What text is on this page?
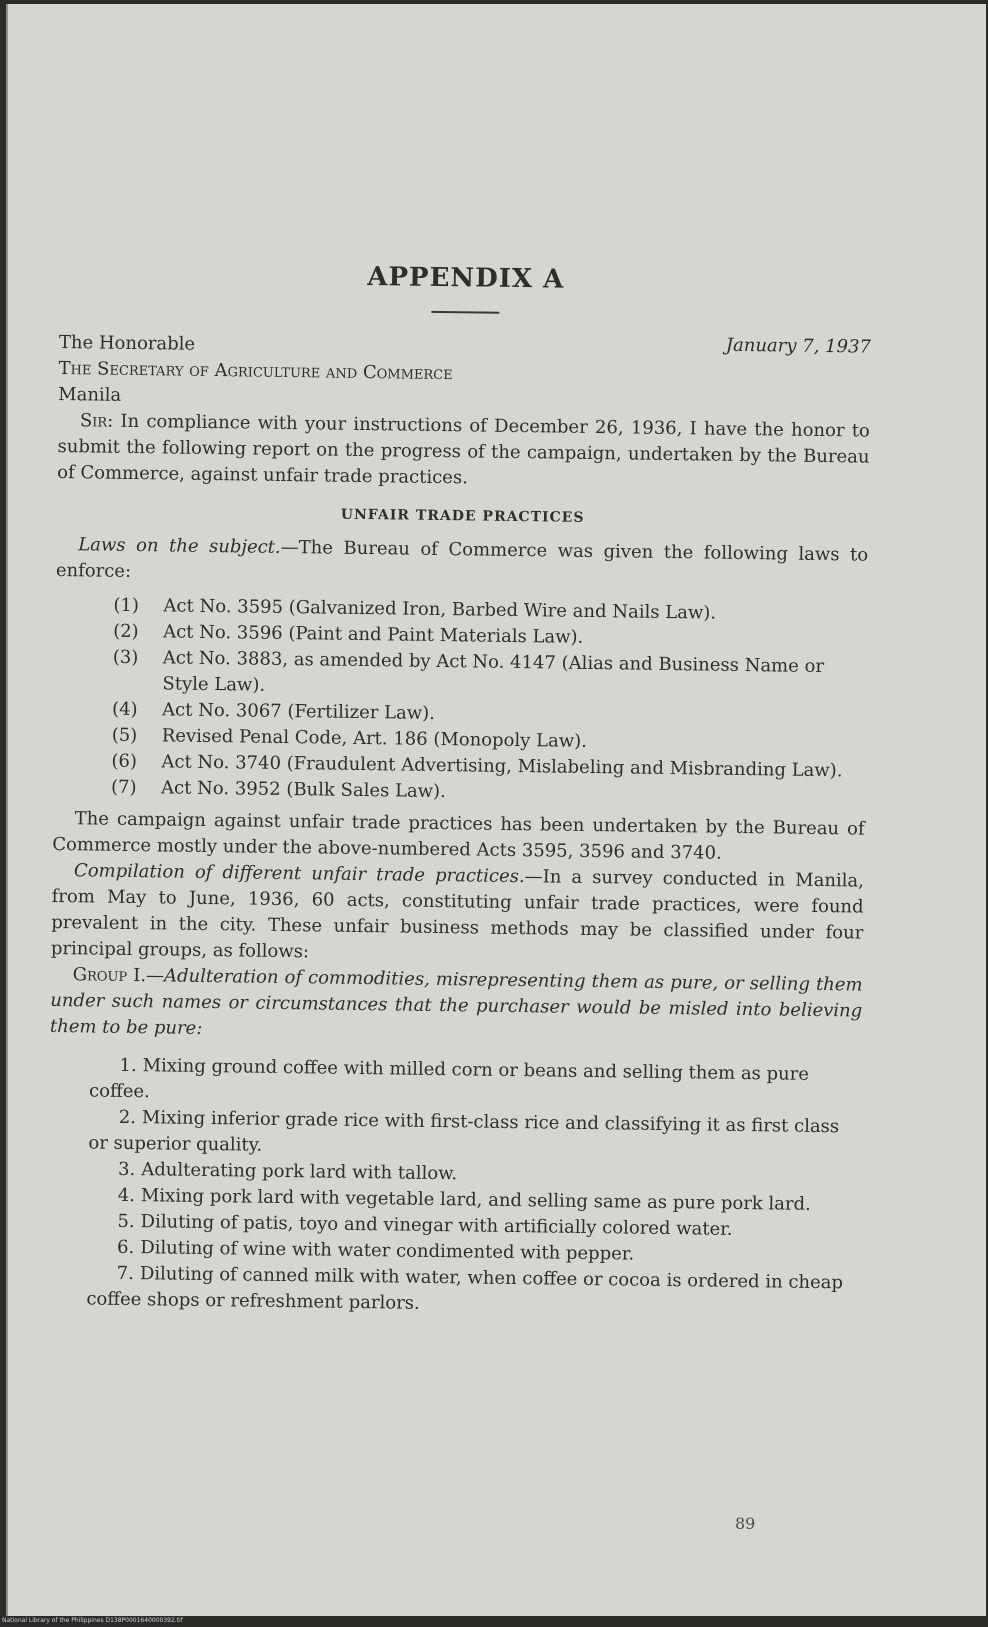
APPENDIX A
The Honorable	January 7, 1937
The Secretary of Agriculture and Commerce
Manila

Sir: In compliance with your instructions of December 26, 1936, I have the honor to submit the following report on the progress of the campaign, undertaken by the Bureau of Commerce, against unfair trade practices.

UNFAIR TRADE PRACTICES

Laws on the subject.—The Bureau of Commerce was given the following laws to enforce:

(1) Act No. 3595 (Galvanized Iron, Barbed Wire and Nails Law).
(2) Act No. 3596 (Paint and Paint Materials Law).
(3) Act No. 3883, as amended by Act No. 4147 (Alias and Business Name or Style Law).
(4) Act No. 3067 (Fertilizer Law).
(5) Revised Penal Code, Art. 186 (Monopoly Law).
(6) Act No. 3740 (Fraudulent Advertising, Mislabeling and Misbranding Law).
(7) Act No. 3952 (Bulk Sales Law).

The campaign against unfair trade practices has been undertaken by the Bureau of Commerce mostly under the above-numbered Acts 3595, 3596 and 3740.

Compilation of different unfair trade practices.—In a survey conducted in Manila, from May to June, 1936, 60 acts, constituting unfair trade practices, were found prevalent in the city. These unfair business methods may be classified under four principal groups, as follows:

Group I.—Adulteration of commodities, misrepresenting them as pure, or selling them under such names or circumstances that the purchaser would be misled into believing them to be pure:

1. Mixing ground coffee with milled corn or beans and selling them as pure coffee.
2. Mixing inferior grade rice with first-class rice and classifying it as first class or superior quality.
3. Adulterating pork lard with tallow.
4. Mixing pork lard with vegetable lard, and selling same as pure pork lard.
5. Diluting of patis, toyo and vinegar with artificially colored water.
6. Diluting of wine with water condimented with pepper.
7. Diluting of canned milk with water, when coffee or cocoa is ordered in cheap coffee shops or refreshment parlors.
89
National Library of the Philippines D138P0001640000392.tif
